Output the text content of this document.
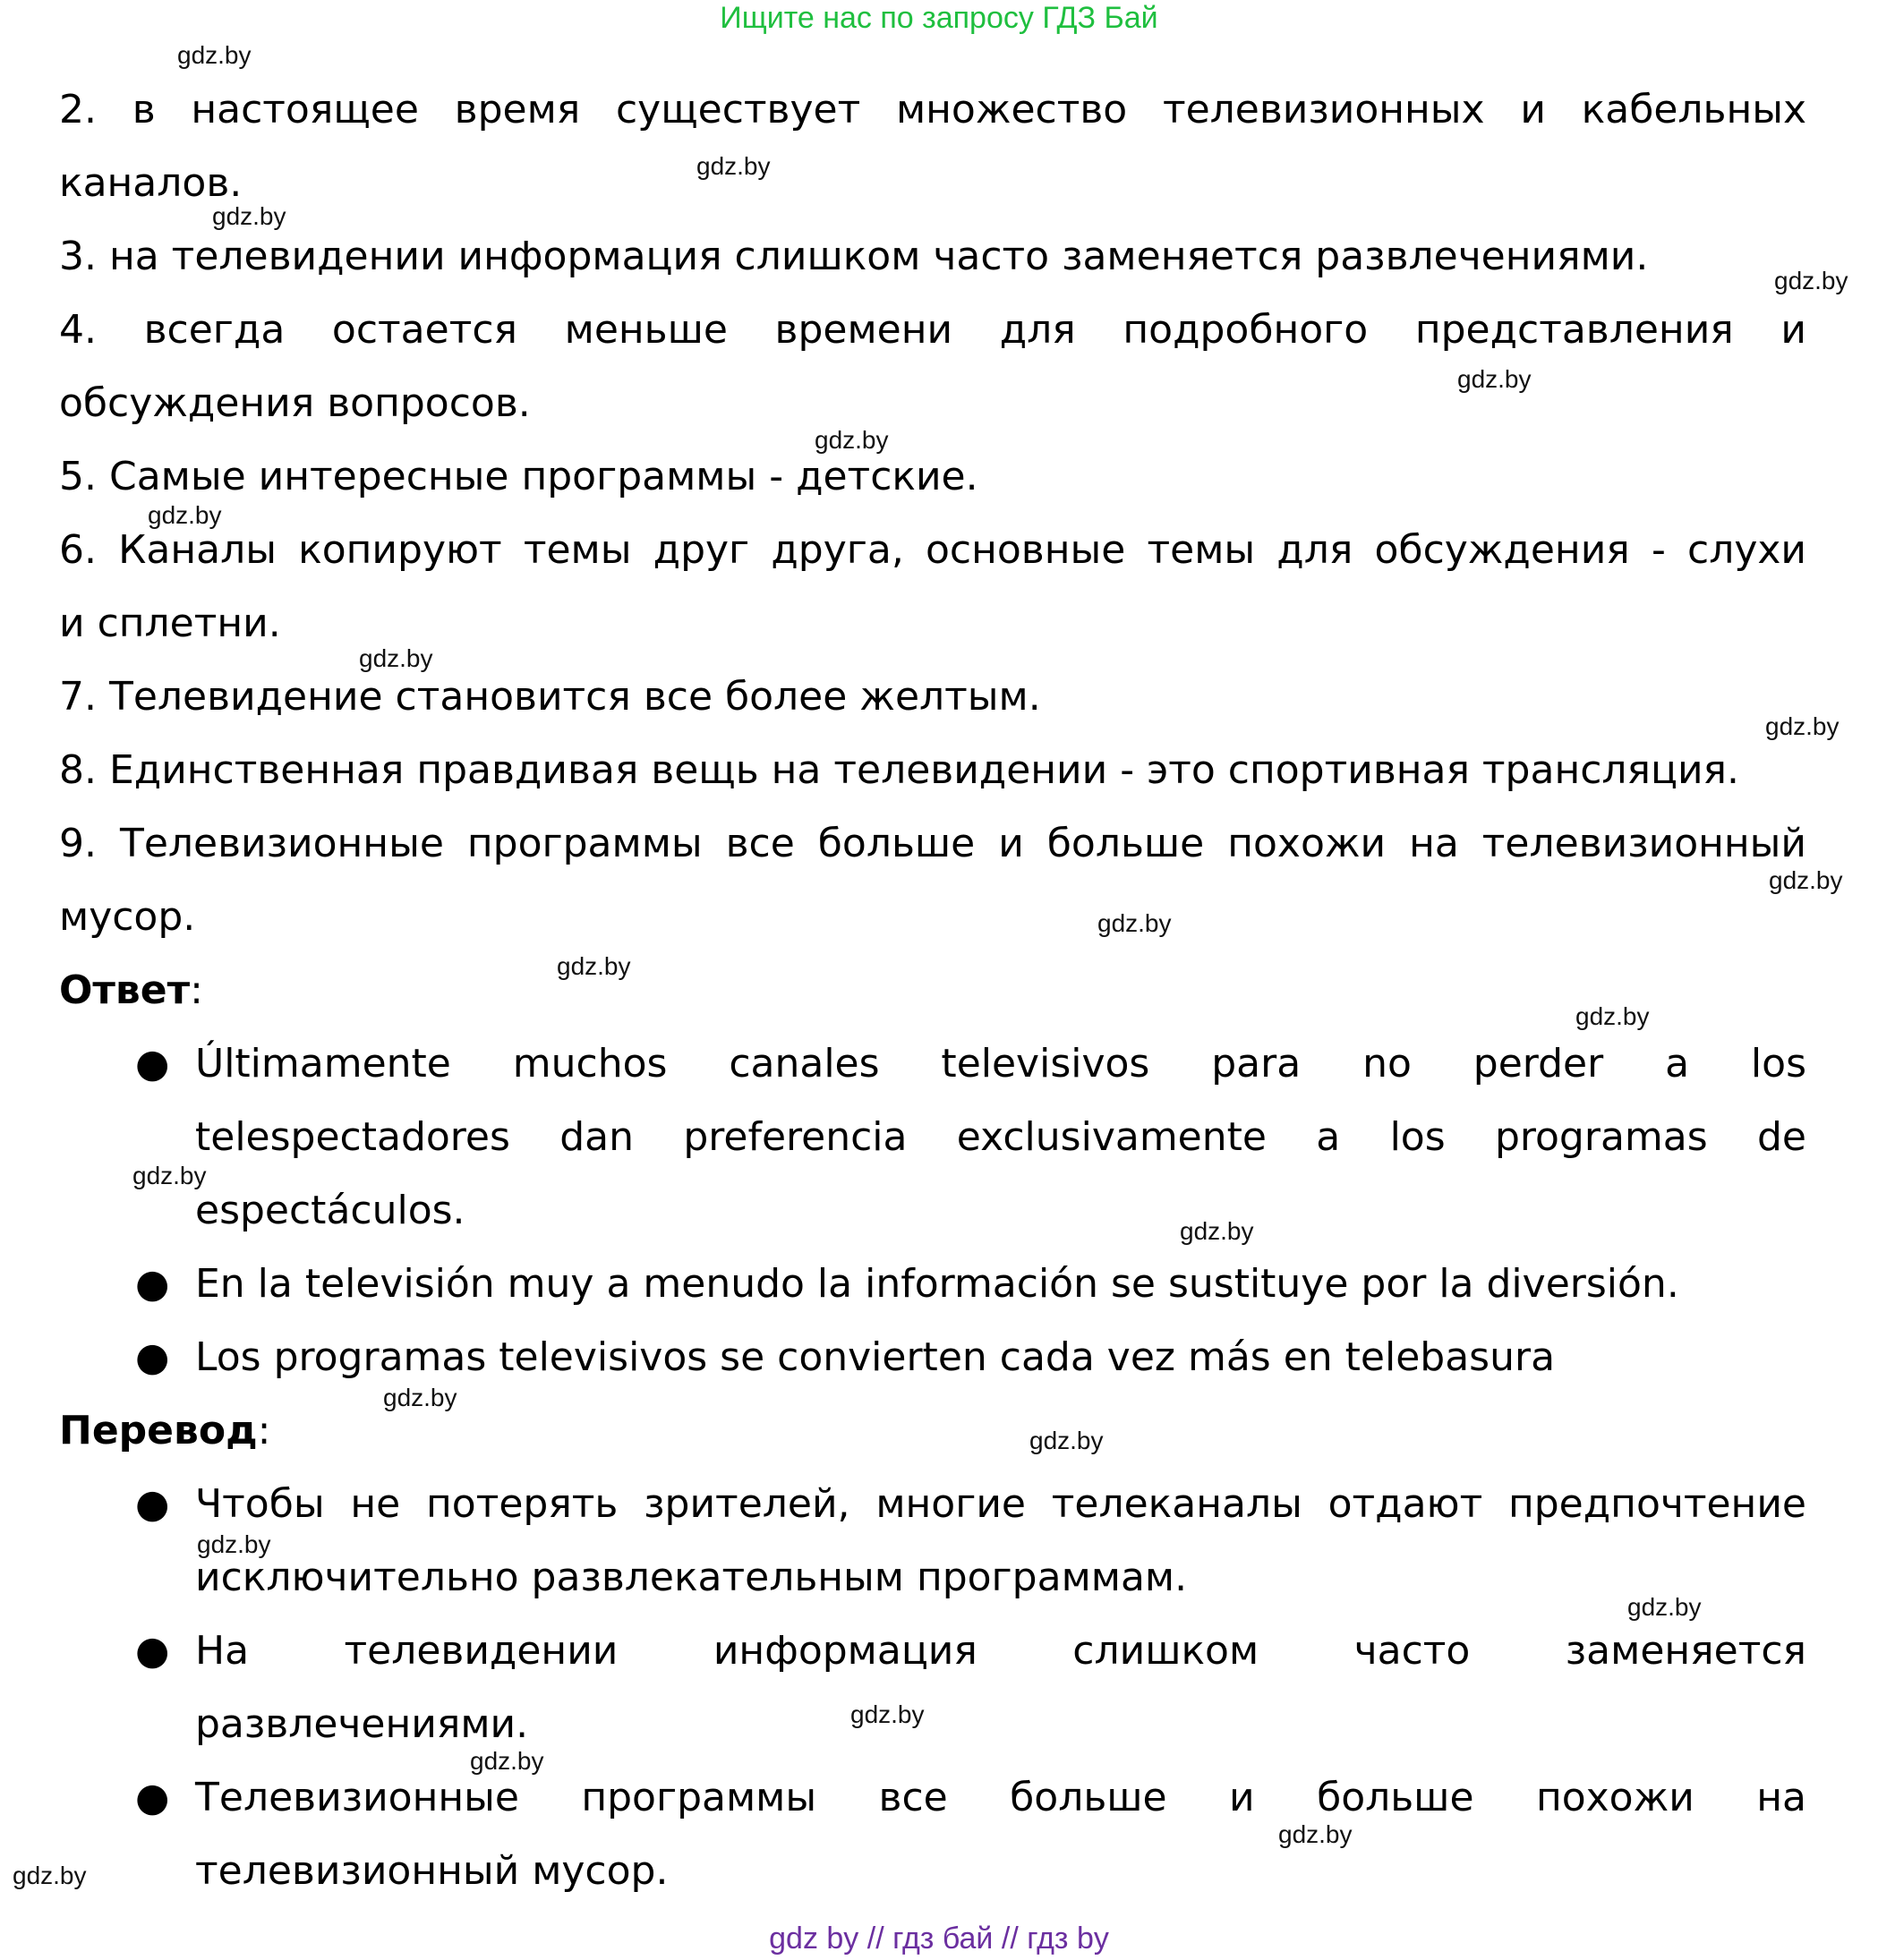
Ищите нас по запросу ГДЗ Бай
2. в настоящее время существует множество телевизионных и кабельных
каналов.
3. на телевидении информация слишком часто заменяется развлечениями.
4. всегда остается меньше времени для подробного представления и
обсуждения вопросов.
5. Самые интересные программы - детские.
6. Каналы копируют темы друг друга, основные темы для обсуждения - слухи
и сплетни.
7. Телевидение становится все более желтым.
8. Единственная правдивая вещь на телевидении - это спортивная трансляция.
9. Телевизионные программы все больше и больше похожи на телевизионный
мусор.
Ответ:
● Últimamente muchos canales televisivos para no perder a los
telespectadores dan preferencia exclusivamente a los programas de
espectáculos.
● En la televisión muy a menudo la información se sustituye por la diversión.
● Los programas televisivos se convierten cada vez más en telebasura
Перевод:
● Чтобы не потерять зрителей, многие телеканалы отдают предпочтение
исключительно развлекательным программам.
● На телевидении информация слишком часто заменяется
развлечениями.
● Телевизионные программы все больше и больше похожи на
телевизионный мусор.
gdz.by
gdz.by
gdz.by
gdz.by
gdz.by
gdz.by
gdz.by
gdz.by
gdz.by
gdz.by
gdz.by
gdz.by
gdz.by
gdz.by
gdz.by
gdz.by
gdz.by
gdz.by
gdz.by
gdz.by
gdz.by
gdz.by
gdz.by
gdz by // гдз бай // гдз by
